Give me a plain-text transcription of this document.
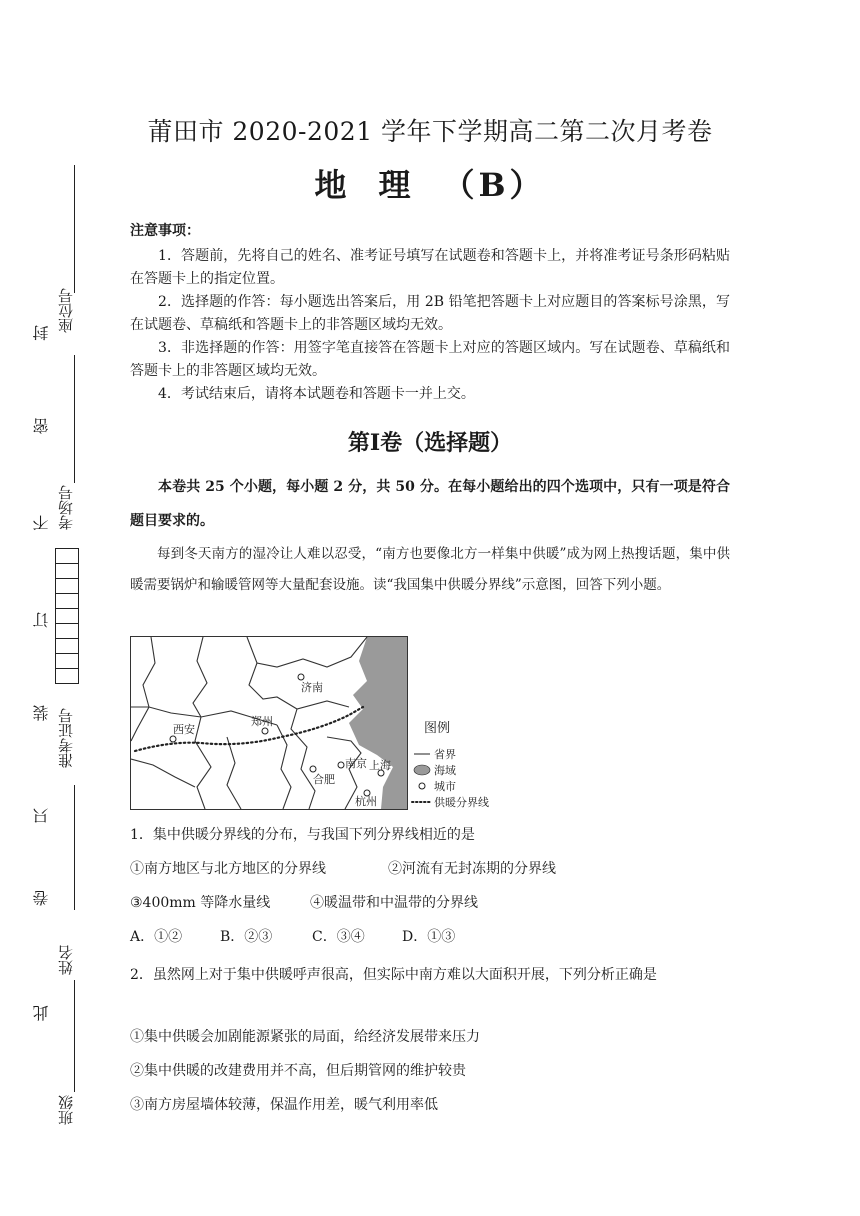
封 座位号
密
考场号
不
订
装 准考证号
只
卷
姓名
此
班级
莆田市 2020-2021 学年下学期高二第二次月考卷
地 理 （B）
注意事项：
1．答题前，先将自己的姓名、准考证号填写在试题卷和答题卡上，并将准考证号条形码粘贴在答题卡上的指定位置。
2．选择题的作答：每小题选出答案后，用 2B 铅笔把答题卡上对应题目的答案标号涂黑，写在试题卷、草稿纸和答题卡上的非答题区域均无效。
3．非选择题的作答：用签字笔直接答在答题卡上对应的答题区域内。写在试题卷、草稿纸和答题卡上的非答题区域均无效。
4．考试结束后，请将本试题卷和答题卡一并上交。
第Ⅰ卷（选择题）
本卷共 25 个小题，每小题 2 分，共 50 分。在每小题给出的四个选项中，只有一项是符合题目要求的。
每到冬天南方的湿冷让人难以忍受，“南方也要像北方一样集中供暖”成为网上热搜话题，集中供暖需要锅炉和输暖管网等大量配套设施。读“我国集中供暖分界线”示意图，回答下列小题。
济南
西安
郑州
南京 上海
合肥
杭州
图例
省界
海域
城市
供暖分界线
1．集中供暖分界线的分布，与我国下列分界线相近的是
①南方地区与北方地区的分界线	②河流有无封冻期的分界线
③400mm 等降水量线	④暖温带和中温带的分界线
A．①②	B．②③	C．③④	D．①③
2．虽然网上对于集中供暖呼声很高，但实际中南方难以大面积开展，下列分析正确是
①集中供暖会加剧能源紧张的局面，给经济发展带来压力
②集中供暖的改建费用并不高，但后期管网的维护较贵
③南方房屋墙体较薄，保温作用差，暖气利用率低
